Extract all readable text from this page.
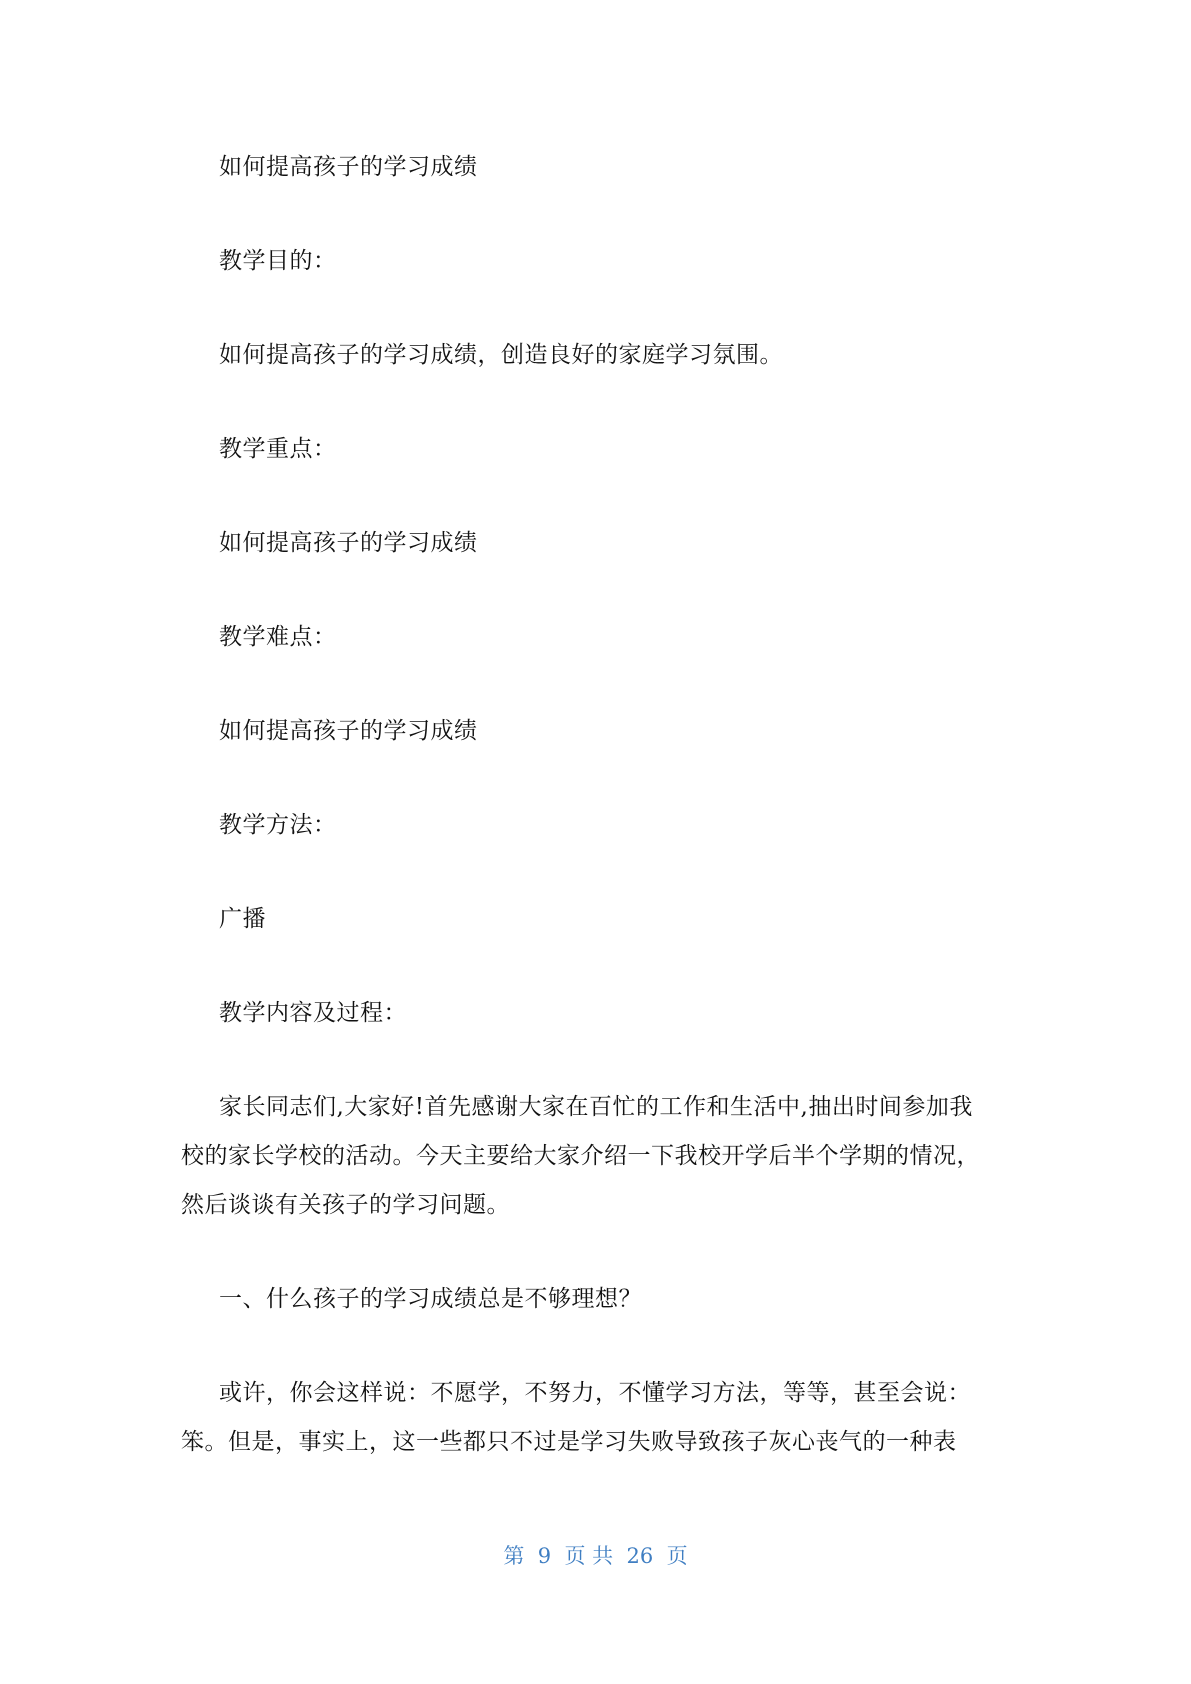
如何提高孩子的学习成绩
教学目的：
如何提高孩子的学习成绩，创造良好的家庭学习氛围。
教学重点：
如何提高孩子的学习成绩
教学难点：
如何提高孩子的学习成绩
教学方法：
广播
教学内容及过程：
家长同志们,大家好!首先感谢大家在百忙的工作和生活中,抽出时间参加我
校的家长学校的活动。今天主要给大家介绍一下我校开学后半个学期的情况，
然后谈谈有关孩子的学习问题。
一、什么孩子的学习成绩总是不够理想？
或许，你会这样说：不愿学，不努力，不懂学习方法，等等，甚至会说：
笨。但是，事实上，这一些都只不过是学习失败导致孩子灰心丧气的一种表
第  9  页 共  26  页
